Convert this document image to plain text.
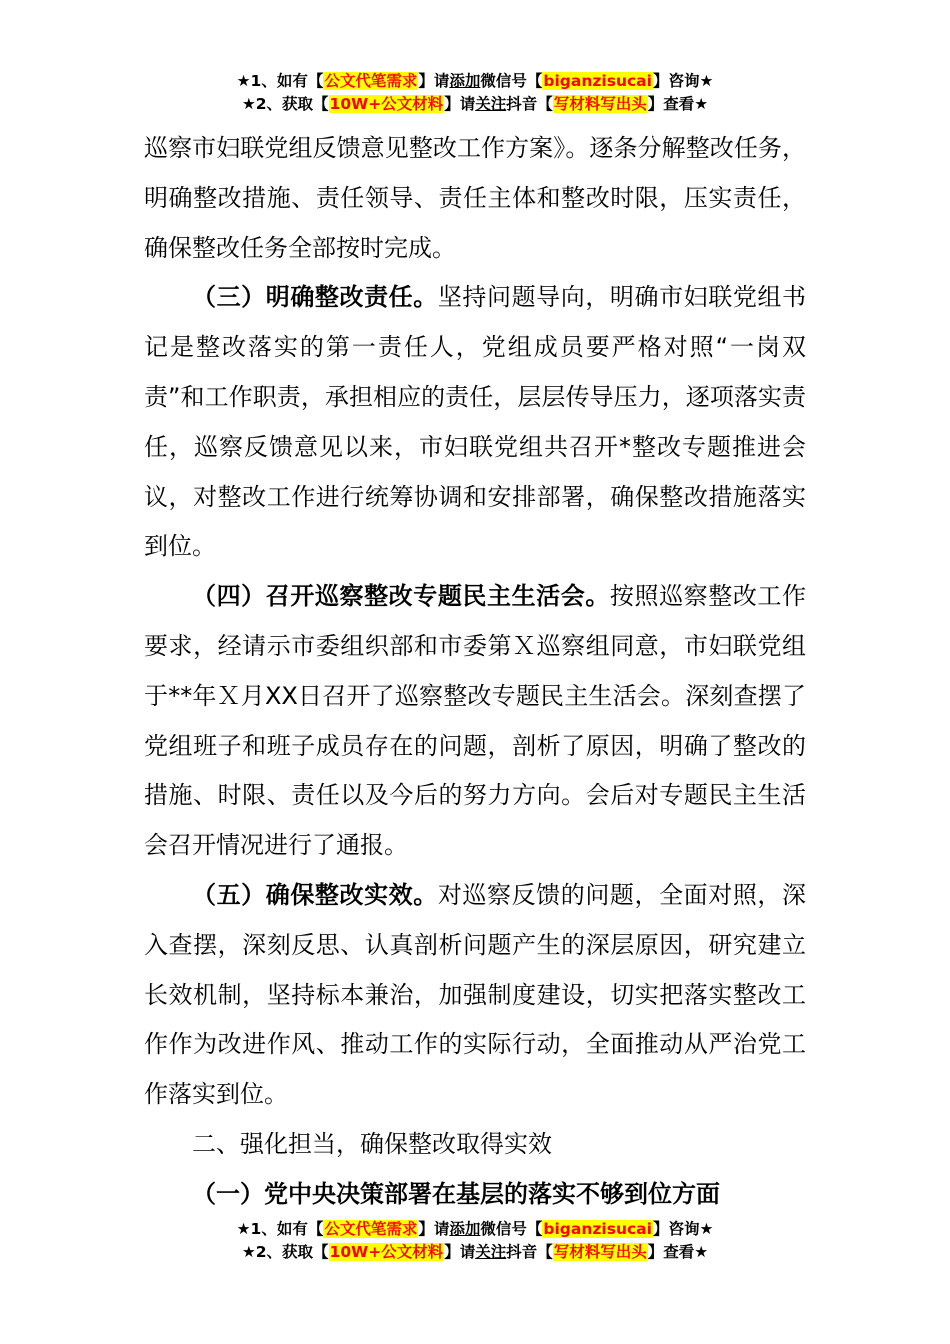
★1、如有【公文代笔需求】请添加微信号【biganzisucai】咨询★
★2、获取【10W+公文材料】请关注抖音【写材料写出头】查看★

巡察市妇联党组反馈意见整改工作方案》。逐条分解整改任务，明确整改措施、责任领导、责任主体和整改时限，压实责任，确保整改任务全部按时完成。

（三）明确整改责任。坚持问题导向，明确市妇联党组书记是整改落实的第一责任人，党组成员要严格对照“一岗双责”和工作职责，承担相应的责任，层层传导压力，逐项落实责任，巡察反馈意见以来，市妇联党组共召开*整改专题推进会议，对整改工作进行统筹协调和安排部署，确保整改措施落实到位。

（四）召开巡察整改专题民主生活会。按照巡察整改工作要求，经请示市委组织部和市委第Ｘ巡察组同意，市妇联党组于**年Ｘ月XX日召开了巡察整改专题民主生活会。深刻查摆了党组班子和班子成员存在的问题，剖析了原因，明确了整改的措施、时限、责任以及今后的努力方向。会后对专题民主生活会召开情况进行了通报。

（五）确保整改实效。对巡察反馈的问题，全面对照，深入查摆，深刻反思、认真剖析问题产生的深层原因，研究建立长效机制，坚持标本兼治，加强制度建设，切实把落实整改工作作为改进作风、推动工作的实际行动，全面推动从严治党工作落实到位。

二、强化担当，确保整改取得实效

（一）党中央决策部署在基层的落实不够到位方面

★1、如有【公文代笔需求】请添加微信号【biganzisucai】咨询★
★2、获取【10W+公文材料】请关注抖音【写材料写出头】查看★
